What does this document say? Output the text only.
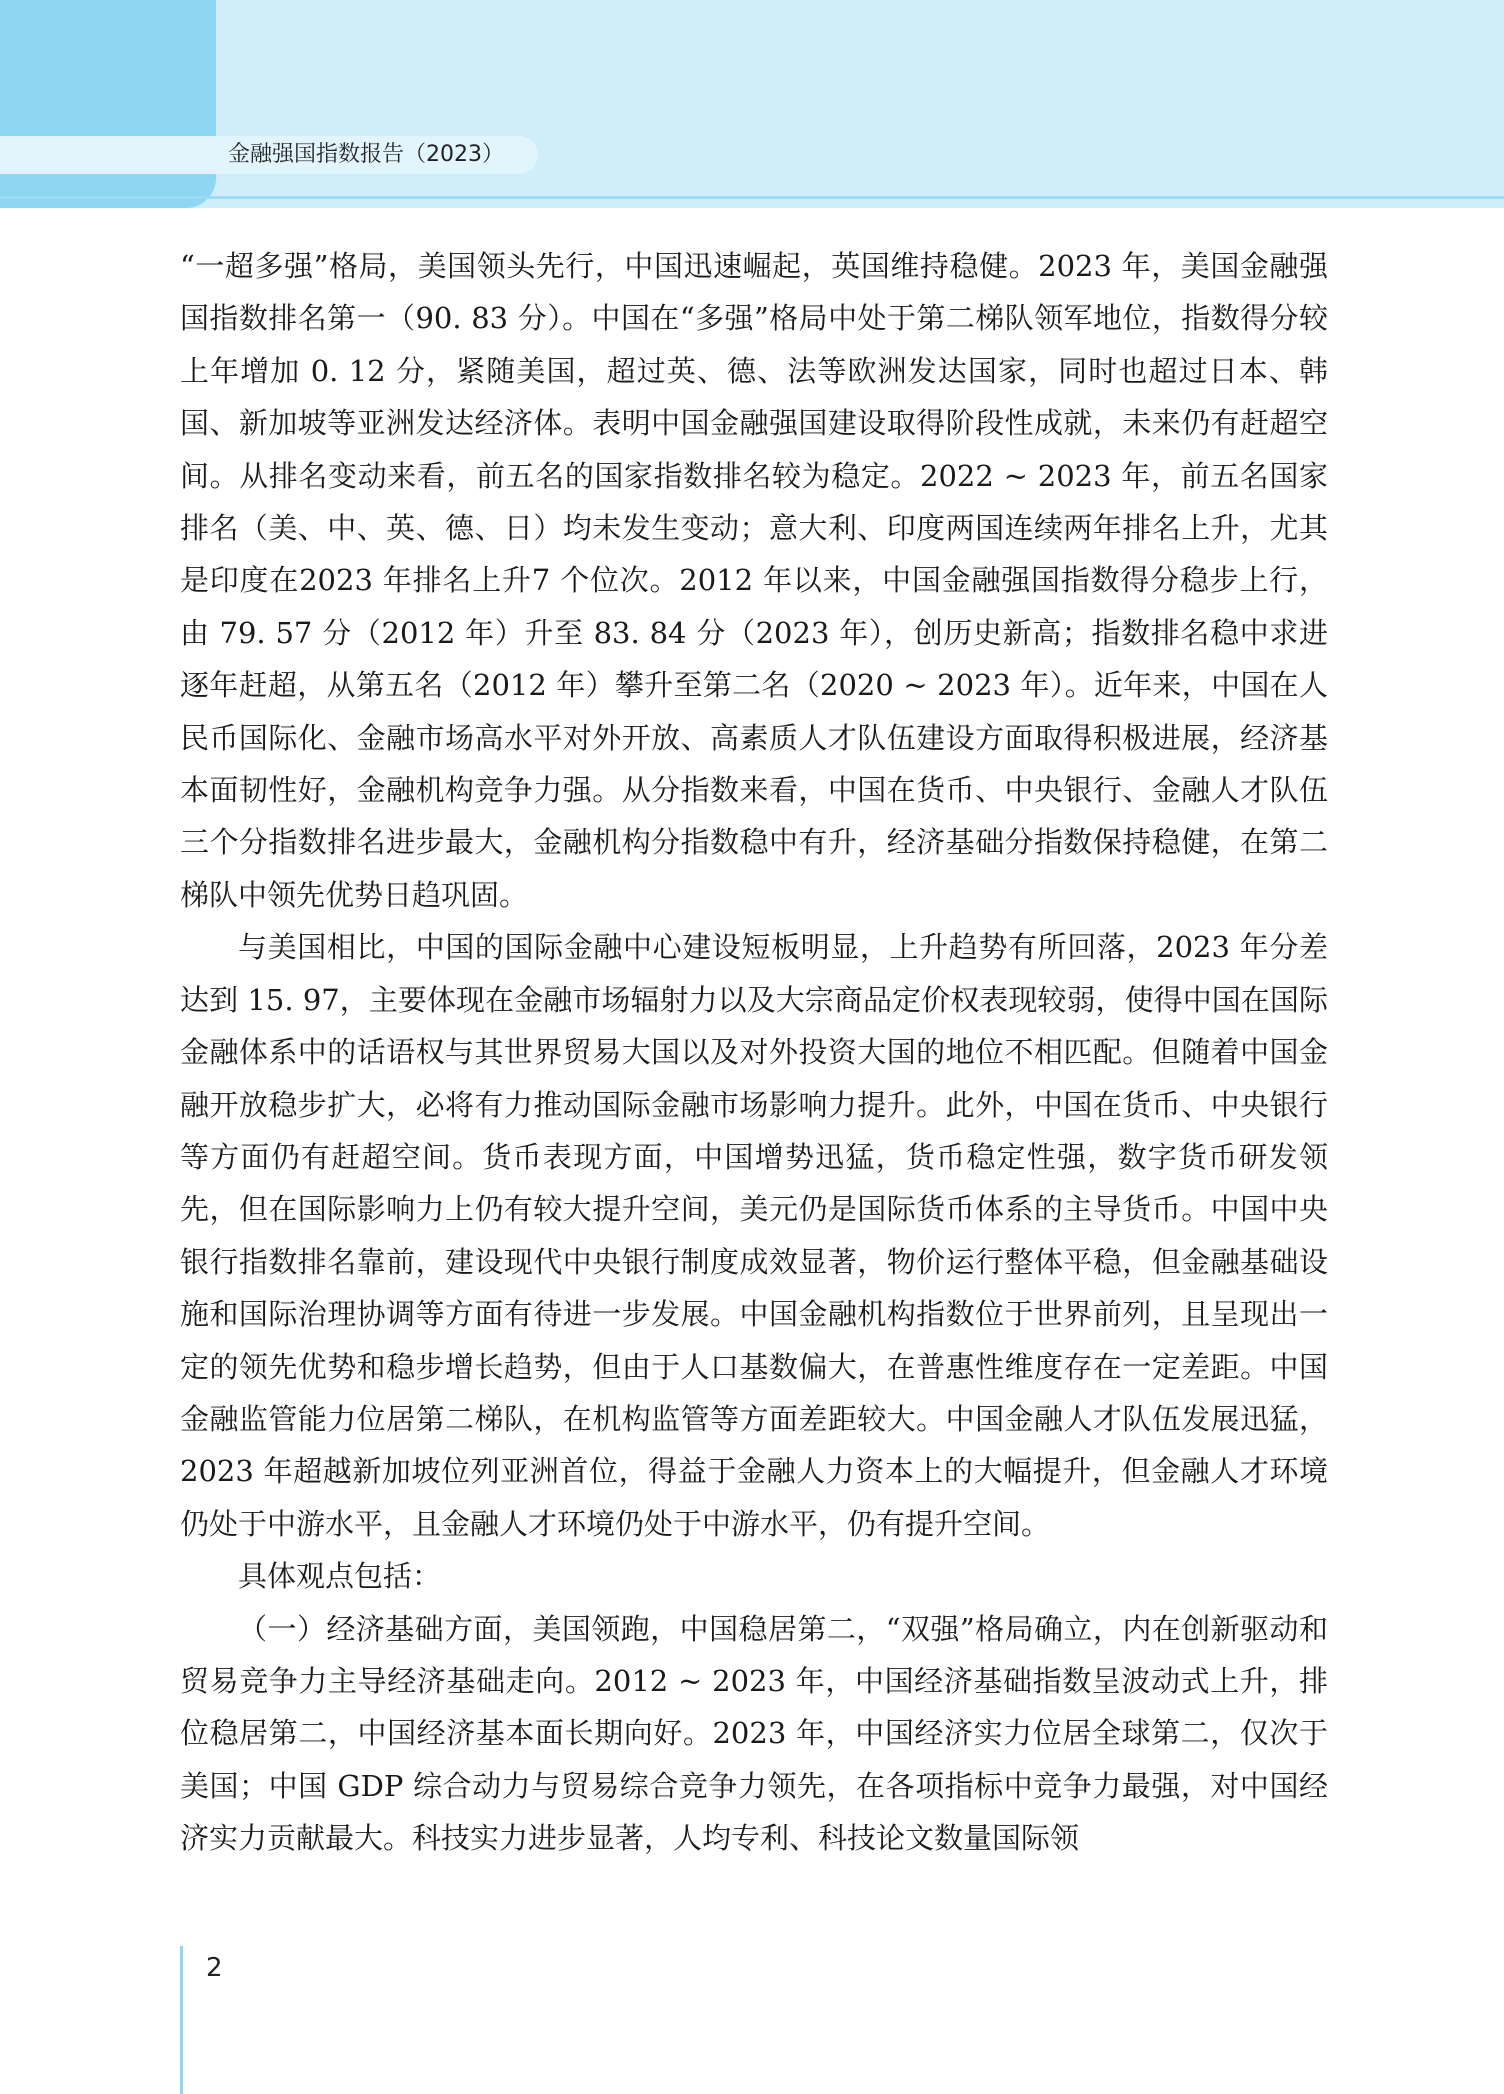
金融强国指数报告（2023）

“一超多强”格局，美国领头先行，中国迅速崛起，英国维持稳健。2023 年，美国金融强国指数排名第一（90. 83 分）。中国在“多强”格局中处于第二梯队领军地位，指数得分较上年增加 0. 12 分，紧随美国，超过英、德、法等欧洲发达国家，同时也超过日本、韩国、新加坡等亚洲发达经济体。表明中国金融强国建设取得阶段性成就，未来仍有赶超空间。从排名变动来看，前五名的国家指数排名较为稳定。2022 ~ 2023 年，前五名国家排名（美、中、英、德、日）均未发生变动；意大利、印度两国连续两年排名上升，尤其是印度在2023 年排名上升7 个位次。2012 年以来，中国金融强国指数得分稳步上行，由 79. 57 分（2012 年）升至 83. 84 分（2023 年），创历史新高；指数排名稳中求进逐年赶超，从第五名（2012 年）攀升至第二名（2020 ~ 2023 年）。近年来，中国在人民币国际化、金融市场高水平对外开放、高素质人才队伍建设方面取得积极进展，经济基本面韧性好，金融机构竞争力强。从分指数来看，中国在货币、中央银行、金融人才队伍三个分指数排名进步最大，金融机构分指数稳中有升，经济基础分指数保持稳健，在第二梯队中领先优势日趋巩固。

与美国相比，中国的国际金融中心建设短板明显，上升趋势有所回落，2023 年分差达到 15. 97，主要体现在金融市场辐射力以及大宗商品定价权表现较弱，使得中国在国际金融体系中的话语权与其世界贸易大国以及对外投资大国的地位不相匹配。但随着中国金融开放稳步扩大，必将有力推动国际金融市场影响力提升。此外，中国在货币、中央银行等方面仍有赶超空间。货币表现方面，中国增势迅猛，货币稳定性强，数字货币研发领先，但在国际影响力上仍有较大提升空间，美元仍是国际货币体系的主导货币。中国中央银行指数排名靠前，建设现代中央银行制度成效显著，物价运行整体平稳，但金融基础设施和国际治理协调等方面有待进一步发展。中国金融机构指数位于世界前列，且呈现出一定的领先优势和稳步增长趋势，但由于人口基数偏大，在普惠性维度存在一定差距。中国金融监管能力位居第二梯队，在机构监管等方面差距较大。中国金融人才队伍发展迅猛，2023 年超越新加坡位列亚洲首位，得益于金融人力资本上的大幅提升，但金融人才环境仍处于中游水平，且金融人才环境仍处于中游水平，仍有提升空间。

具体观点包括：

（一）经济基础方面，美国领跑，中国稳居第二，“双强”格局确立，内在创新驱动和贸易竞争力主导经济基础走向。2012 ~ 2023 年，中国经济基础指数呈波动式上升，排位稳居第二，中国经济基本面长期向好。2023 年，中国经济实力位居全球第二，仅次于美国；中国 GDP 综合动力与贸易综合竞争力领先，在各项指标中竞争力最强，对中国经济实力贡献最大。科技实力进步显著，人均专利、科技论文数量国际领

2
